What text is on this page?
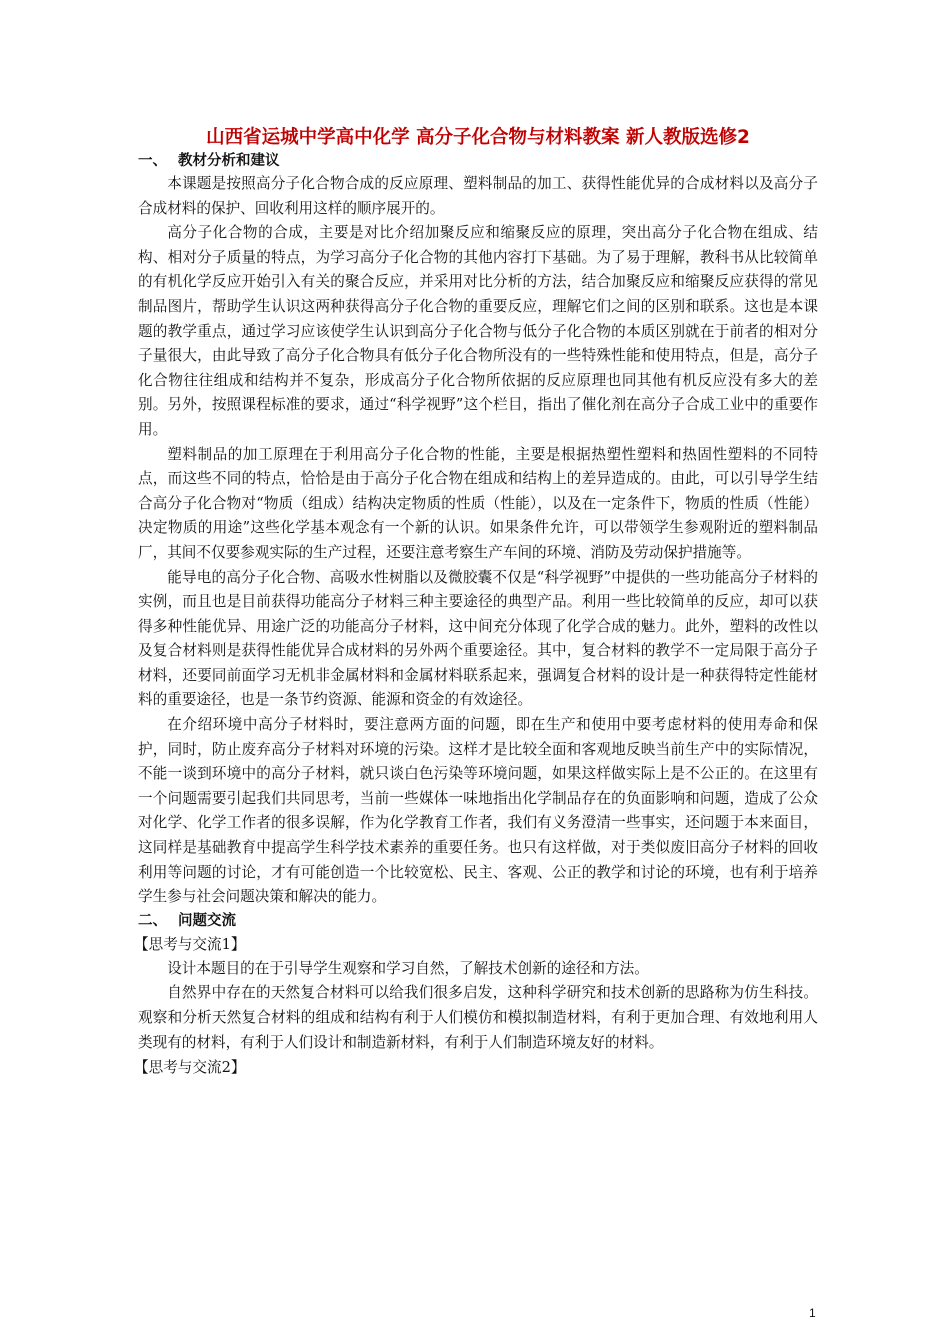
山西省运城中学高中化学 高分子化合物与材料教案 新人教版选修2
一、 教材分析和建议

本课题是按照高分子化合物合成的反应原理、塑料制品的加工、获得性能优异的合成材料以及高分子合成材料的保护、回收利用这样的顺序展开的。

高分子化合物的合成，主要是对比介绍加聚反应和缩聚反应的原理，突出高分子化合物在组成、结构、相对分子质量的特点，为学习高分子化合物的其他内容打下基础。为了易于理解，教科书从比较简单的有机化学反应开始引入有关的聚合反应，并采用对比分析的方法，结合加聚反应和缩聚反应获得的常见制品图片，帮助学生认识这两种获得高分子化合物的重要反应，理解它们之间的区别和联系。这也是本课题的教学重点，通过学习应该使学生认识到高分子化合物与低分子化合物的本质区别就在于前者的相对分子量很大，由此导致了高分子化合物具有低分子化合物所没有的一些特殊性能和使用特点，但是，高分子化合物往往组成和结构并不复杂，形成高分子化合物所依据的反应原理也同其他有机反应没有多大的差别。另外，按照课程标准的要求，通过“科学视野”这个栏目，指出了催化剂在高分子合成工业中的重要作用。

塑料制品的加工原理在于利用高分子化合物的性能，主要是根据热塑性塑料和热固性塑料的不同特点，而这些不同的特点，恰恰是由于高分子化合物在组成和结构上的差异造成的。由此，可以引导学生结合高分子化合物对“物质（组成）结构决定物质的性质（性能），以及在一定条件下，物质的性质（性能）决定物质的用途”这些化学基本观念有一个新的认识。如果条件允许，可以带领学生参观附近的塑料制品厂，其间不仅要参观实际的生产过程，还要注意考察生产车间的环境、消防及劳动保护措施等。

能导电的高分子化合物、高吸水性树脂以及微胶囊不仅是“科学视野”中提供的一些功能高分子材料的实例，而且也是目前获得功能高分子材料三种主要途径的典型产品。利用一些比较简单的反应，却可以获得多种性能优异、用途广泛的功能高分子材料，这中间充分体现了化学合成的魅力。此外，塑料的改性以及复合材料则是获得性能优异合成材料的另外两个重要途径。其中，复合材料的教学不一定局限于高分子材料，还要同前面学习无机非金属材料和金属材料联系起来，强调复合材料的设计是一种获得特定性能材料的重要途径，也是一条节约资源、能源和资金的有效途径。

在介绍环境中高分子材料时，要注意两方面的问题，即在生产和使用中要考虑材料的使用寿命和保护，同时，防止废弃高分子材料对环境的污染。这样才是比较全面和客观地反映当前生产中的实际情况，不能一谈到环境中的高分子材料，就只谈白色污染等环境问题，如果这样做实际上是不公正的。在这里有一个问题需要引起我们共同思考，当前一些媒体一味地指出化学制品存在的负面影响和问题，造成了公众对化学、化学工作者的很多误解，作为化学教育工作者，我们有义务澄清一些事实，还问题于本来面目，这同样是基础教育中提高学生科学技术素养的重要任务。也只有这样做，对于类似废旧高分子材料的回收利用等问题的讨论，才有可能创造一个比较宽松、民主、客观、公正的教学和讨论的环境，也有利于培养学生参与社会问题决策和解决的能力。

二、 问题交流
【思考与交流1】

设计本题目的在于引导学生观察和学习自然，了解技术创新的途径和方法。

自然界中存在的天然复合材料可以给我们很多启发，这种科学研究和技术创新的思路称为仿生科技。观察和分析天然复合材料的组成和结构有利于人们模仿和模拟制造材料，有利于更加合理、有效地利用人类现有的材料，有利于人们设计和制造新材料，有利于人们制造环境友好的材料。

【思考与交流2】
1
